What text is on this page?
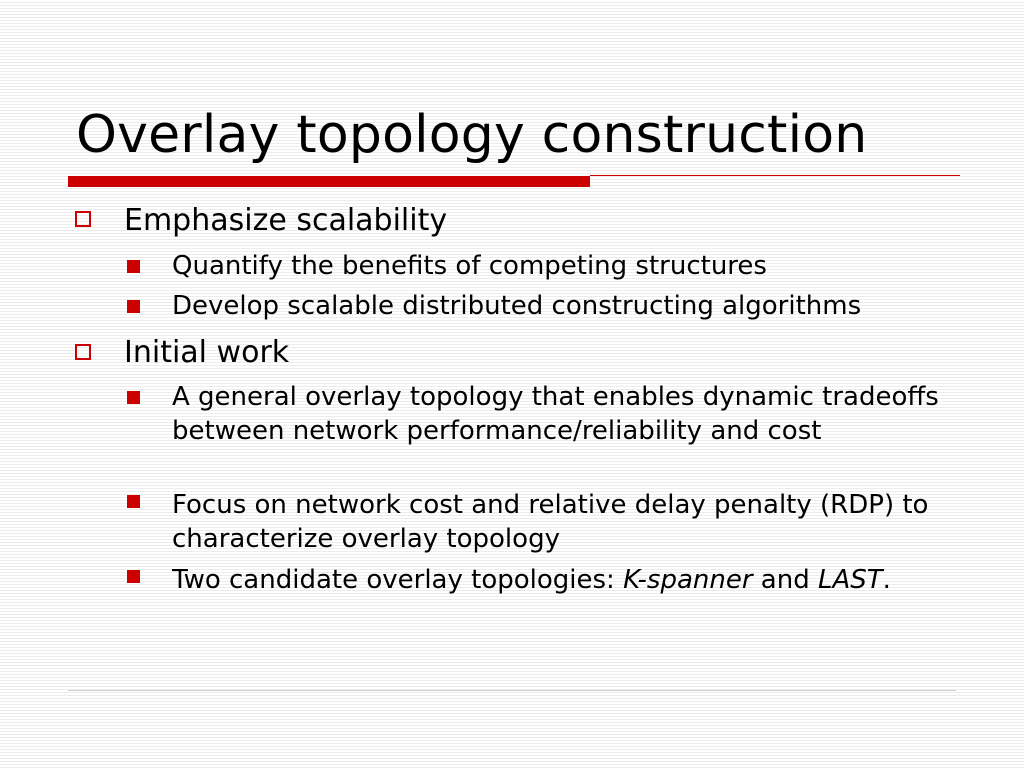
Overlay topology construction
Emphasize scalability
Quantify the benefits of competing structures
Develop scalable distributed constructing algorithms
Initial work
A general overlay topology that enables dynamic tradeoffs between network performance/reliability and cost
Focus on network cost and relative delay penalty (RDP) to characterize overlay topology
Two candidate overlay topologies: K-spanner and LAST.
